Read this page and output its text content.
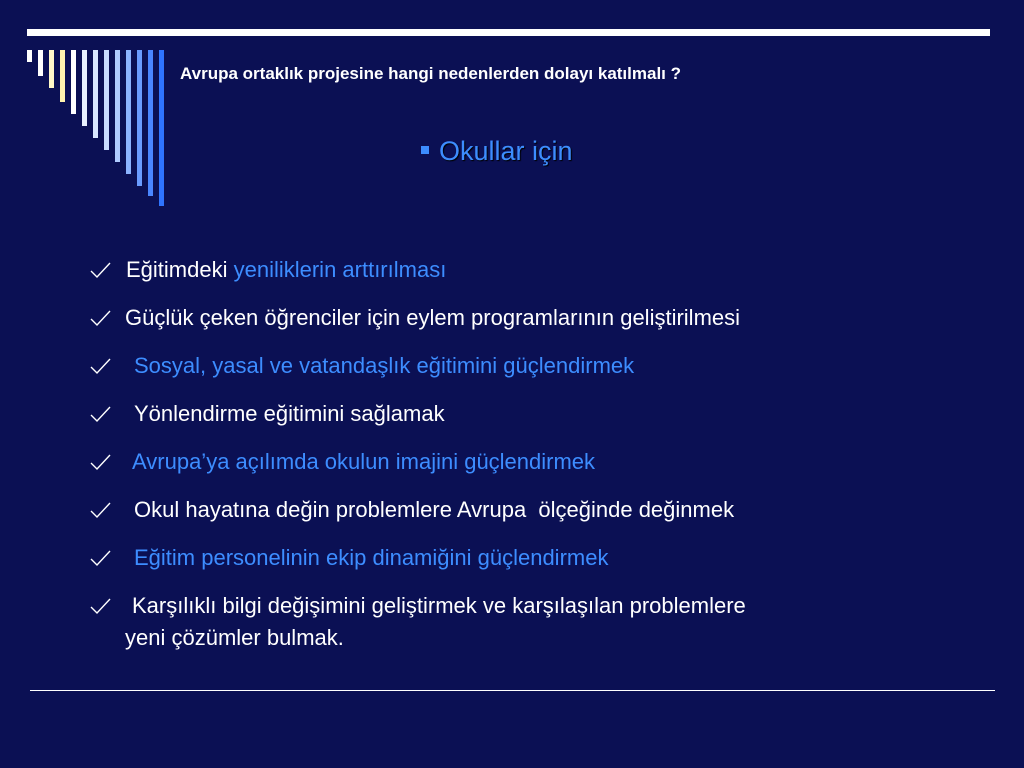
Avrupa ortaklık projesine hangi nedenlerden dolayı katılmalı ?
Okullar için
Eğitimdeki yeniliklerin arttırılması
Güçlük çeken öğrenciler için eylem programlarının geliştirilmesi
Sosyal, yasal ve vatandaşlık eğitimini güçlendirmek
Yönlendirme eğitimini sağlamak
Avrupa’ya açılımda okulun imajini güçlendirmek
Okul hayatına değin problemlere Avrupa  ölçeğinde değinmek
Eğitim personelinin ekip dinamiğini güçlendirmek
Karşılıklı bilgi değişimini geliştirmek ve karşılaşılan problemlere
yeni çözümler bulmak.
